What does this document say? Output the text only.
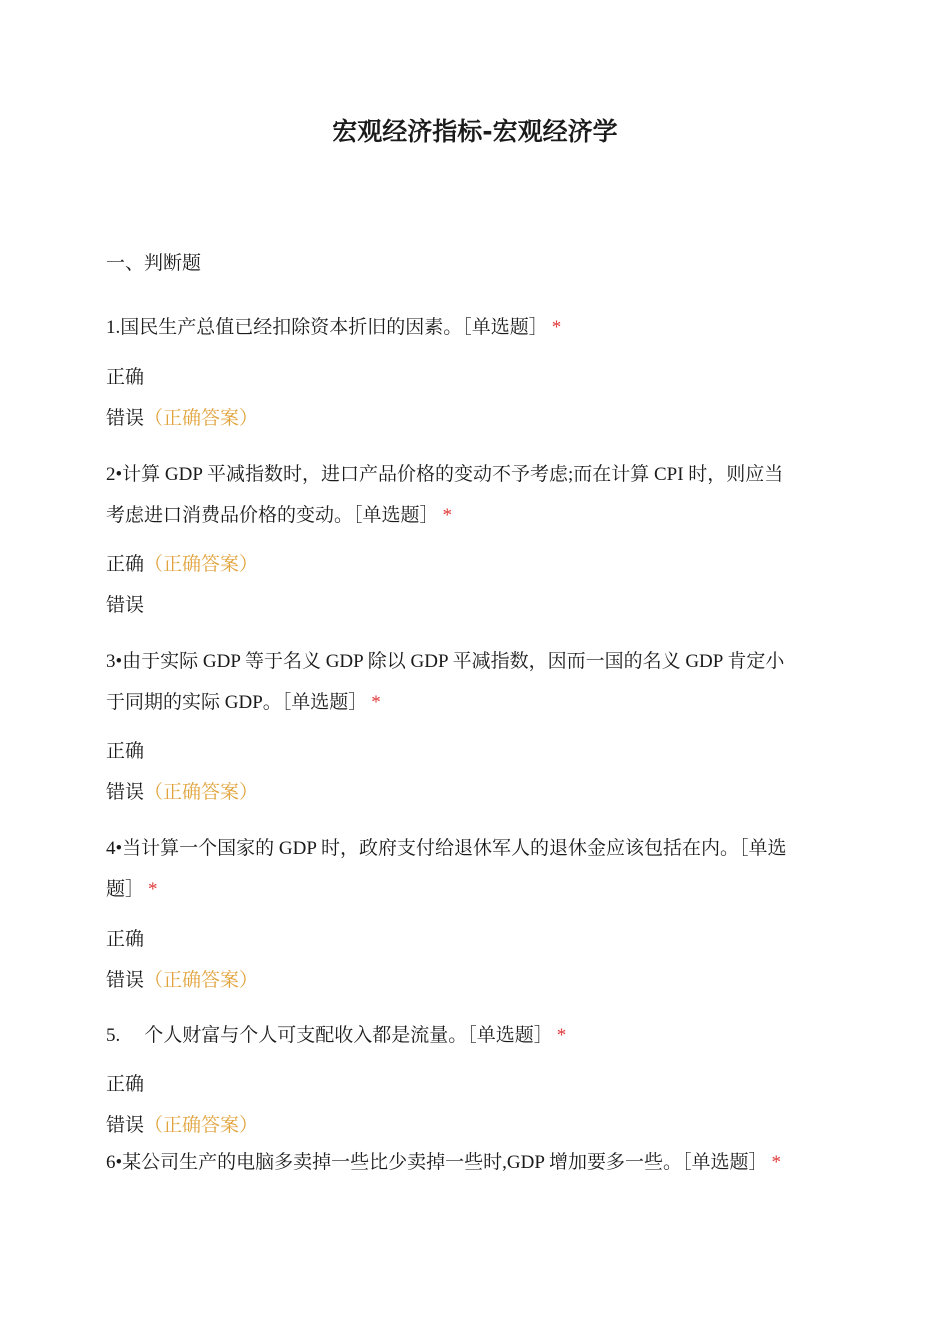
宏观经济指标-宏观经济学
一、判断题
1.国民生产总值已经扣除资本折旧的因素。［单选题］ *
正确
错误（正确答案）
2•计算 GDP 平减指数时，进口产品价格的变动不予考虑;而在计算 CPI 时，则应当
考虑进口消费品价格的变动。［单选题］ *
正确（正确答案）
错误
3•由于实际 GDP 等于名义 GDP 除以 GDP 平减指数，因而一国的名义 GDP 肯定小
于同期的实际 GDP。［单选题］ *
正确
错误（正确答案）
4•当计算一个国家的 GDP 时，政府支付给退休军人的退休金应该包括在内。［单选
题］ *
正确
错误（正确答案）
5. 个人财富与个人可支配收入都是流量。［单选题］ *
正确
错误（正确答案）
6•某公司生产的电脑多卖掉一些比少卖掉一些时,GDP 增加要多一些。［单选题］ *
